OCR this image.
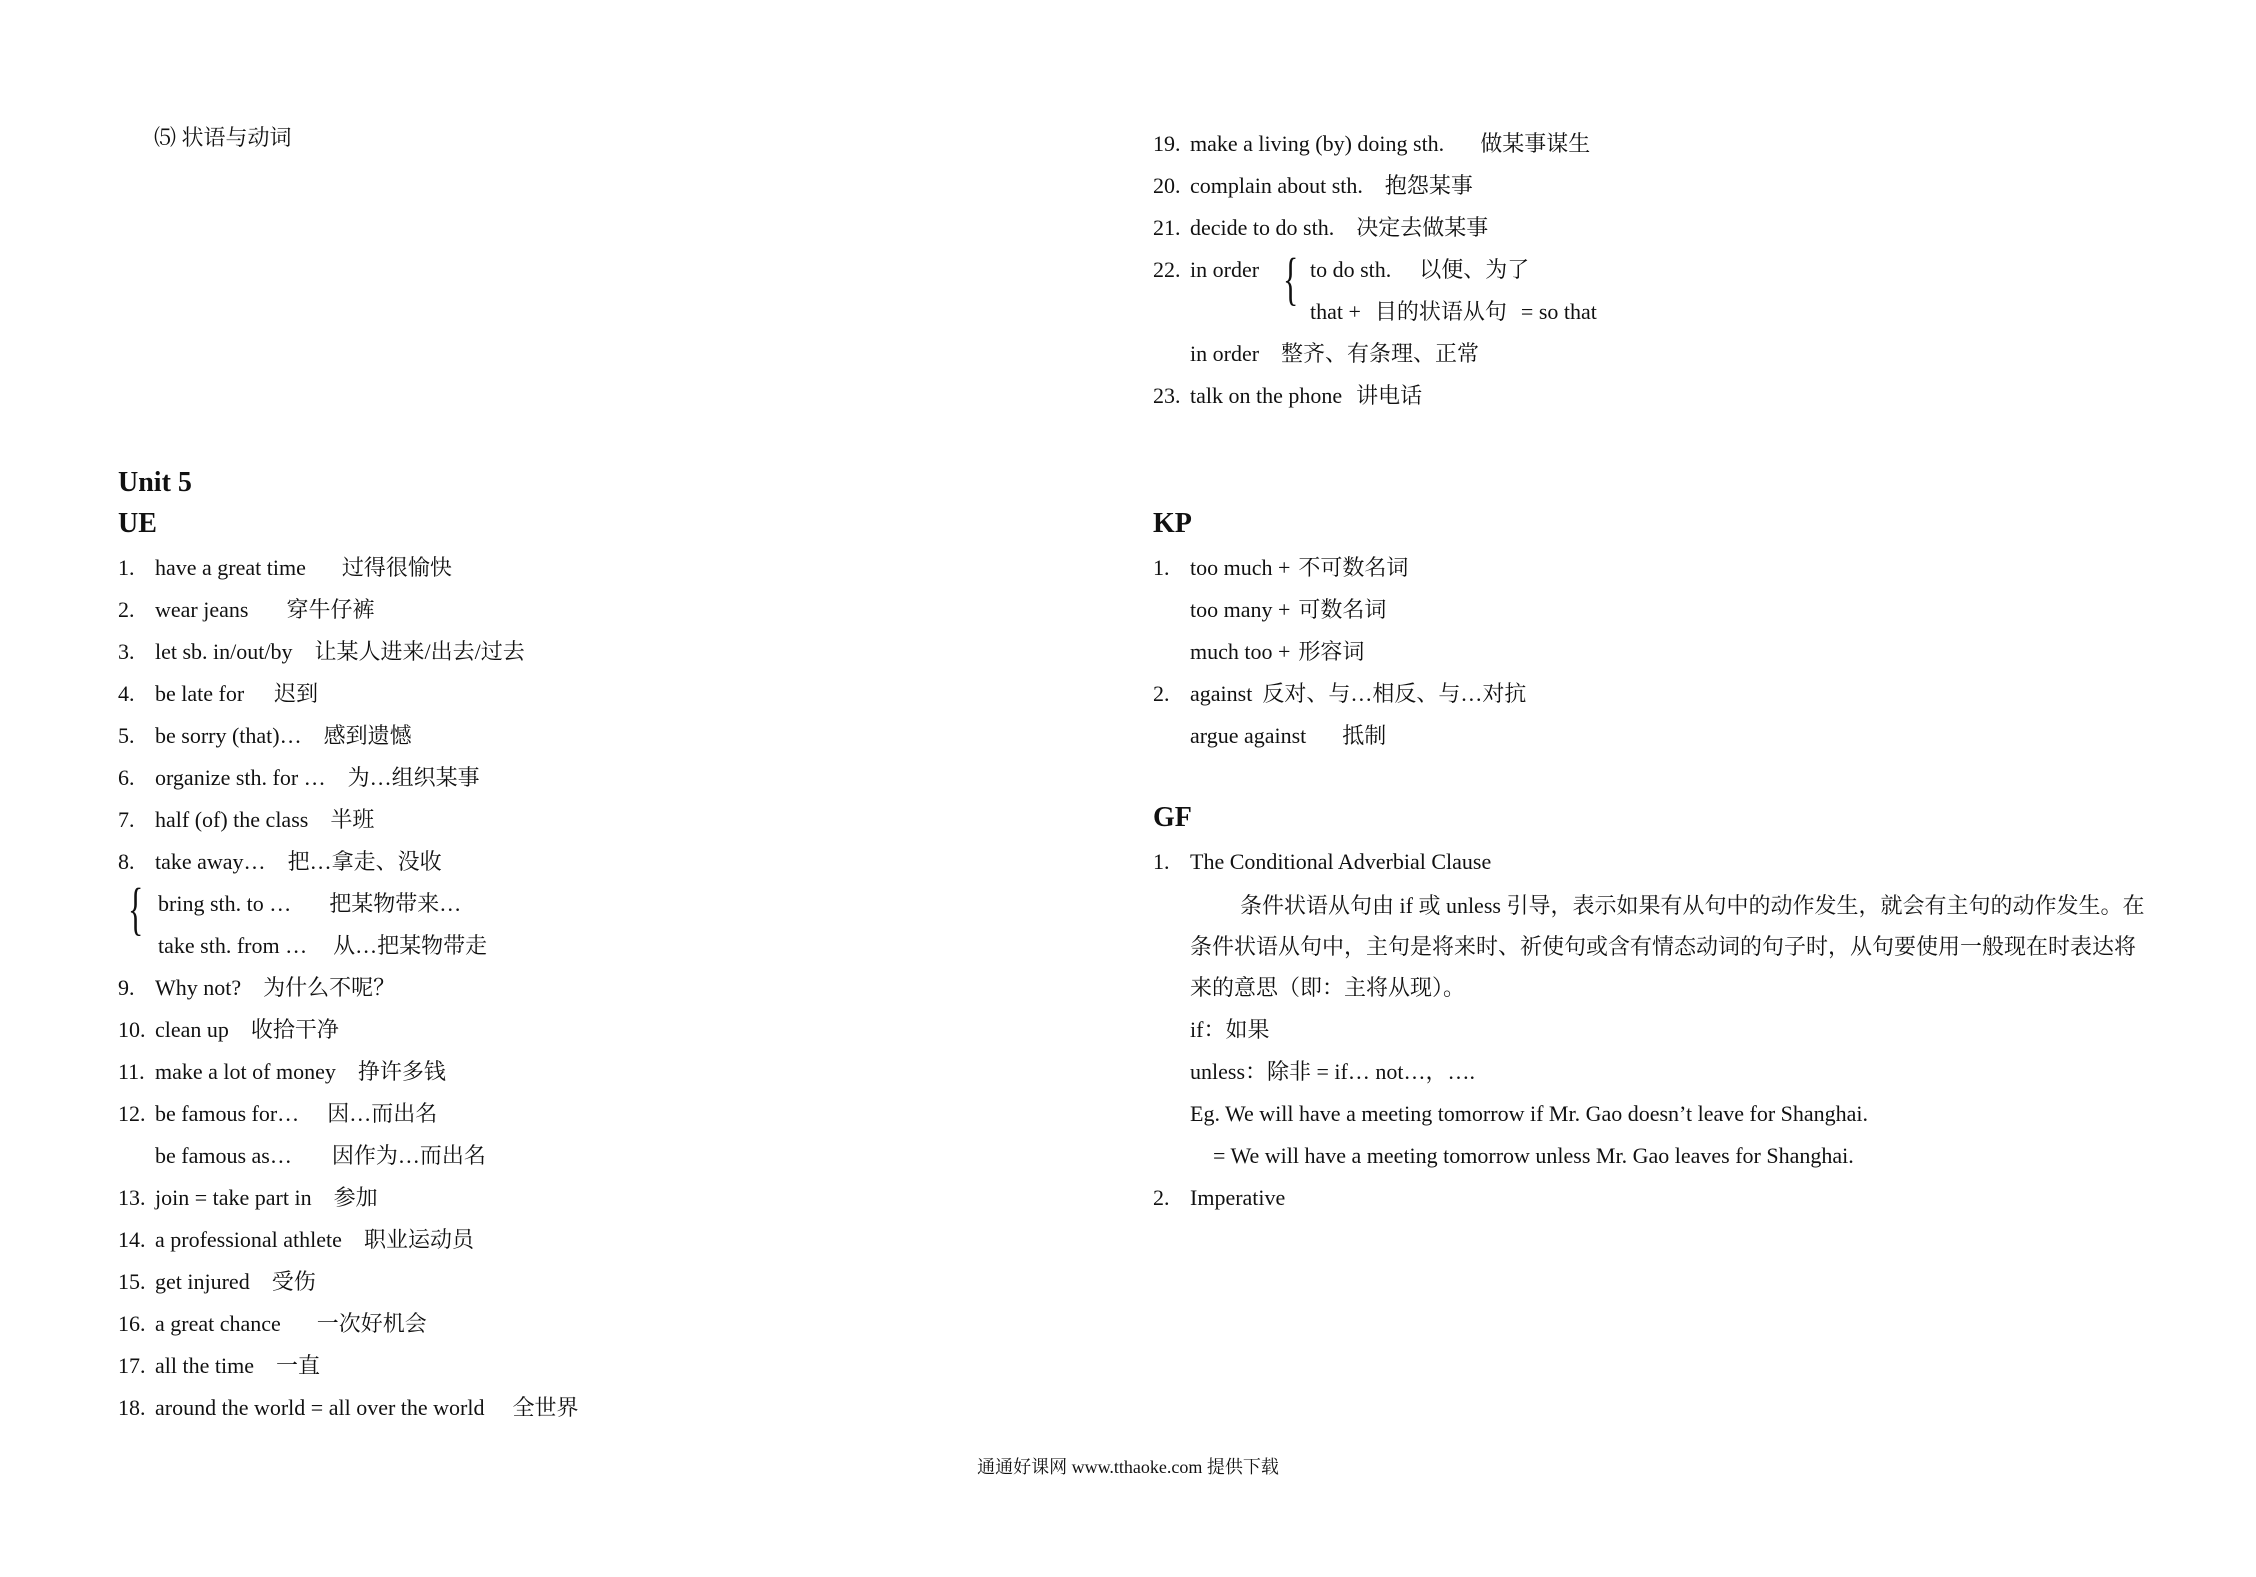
⑸ 状语与动词
Unit 5
UE
1. have a great time 过得很愉快
2. wear jeans 穿牛仔裤
3. let sb. in/out/by 让某人进来/出去/过去
4. be late for 迟到
5. be sorry (that)… 感到遗憾
6. organize sth. for … 为…组织某事
7. half (of) the class 半班
8. take away… 把…拿走、没收
{ bring sth. to … 把某物带来…
take sth. from … 从…把某物带走
9. Why not? 为什么不呢？
10. clean up 收拾干净
11. make a lot of money 挣许多钱
12. be famous for… 因…而出名
be famous as… 因作为…而出名
13. join = take part in 参加
14. a professional athlete 职业运动员
15. get injured 受伤
16. a great chance 一次好机会
17. all the time 一直
18. around the world = all over the world 全世界
19. make a living (by) doing sth. 做某事谋生
20. complain about sth. 抱怨某事
21. decide to do sth. 决定去做某事
22. in order { to do sth. 以便、为了
that + 目的状语从句 = so that
in order 整齐、有条理、正常
23. talk on the phone 讲电话
KP
1. too much + 不可数名词
too many + 可数名词
much too + 形容词
2. against 反对、与…相反、与…对抗
argue against 抵制
GF
1. The Conditional Adverbial Clause
条件状语从句由 if 或 unless 引导，表示如果有从句中的动作发生，就会有主句的动作发生。在条件状语从句中，主句是将来时、祈使句或含有情态动词的句子时，从句要使用一般现在时表达将来的意思（即：主将从现）。
if：如果
unless：除非 = if… not…，….
Eg. We will have a meeting tomorrow if Mr. Gao doesn’t leave for Shanghai.
= We will have a meeting tomorrow unless Mr. Gao leaves for Shanghai.
2. Imperative
通通好课网 www.tthaoke.com 提供下载
